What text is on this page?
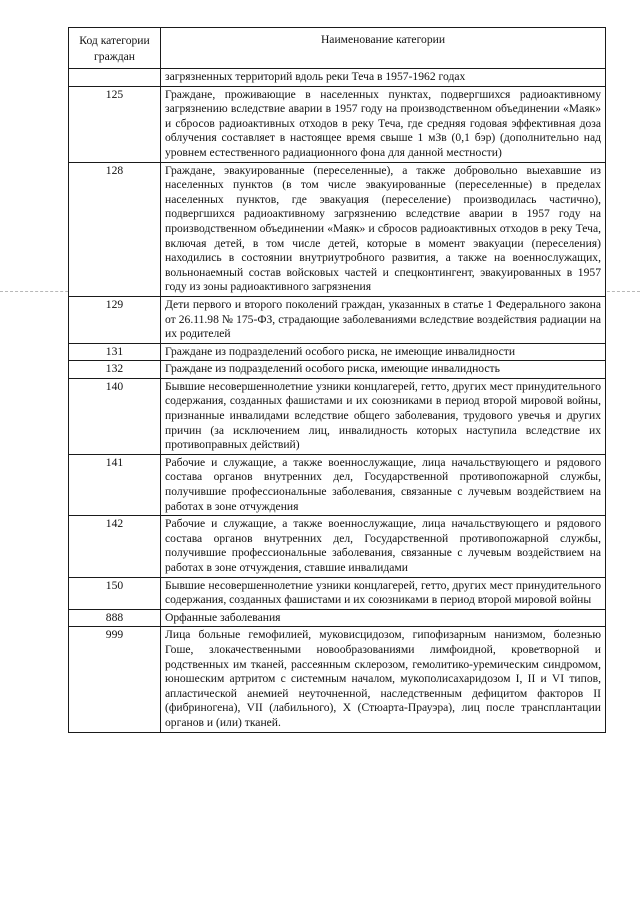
Код категории граждан	Наименование категории
	загрязненных территорий вдоль реки Теча в 1957-1962 годах
125	Граждане, проживающие в населенных пунктах, подвергшихся радиоактивному загрязнению вследствие аварии в 1957 году на производственном объединении «Маяк» и сбросов радиоактивных отходов в реку Теча, где средняя годовая эффективная доза облучения составляет в настоящее время свыше 1 мЗв (0,1 бэр) (дополнительно над уровнем естественного радиационного фона для данной местности)
128	Граждане, эвакуированные (переселенные), а также добровольно выехавшие из населенных пунктов (в том числе эвакуированные (переселенные) в пределах населенных пунктов, где эвакуация (переселение) производилась частично), подвергшихся радиоактивному загрязнению вследствие аварии в 1957 году на производственном объединении «Маяк» и сбросов радиоактивных отходов в реку Теча, включая детей, в том числе детей, которые в момент эвакуации (переселения) находились в состоянии внутриутробного развития, а также на военнослужащих, вольнонаемный состав войсковых частей и спецконтингент, эвакуированных в 1957 году из зоны радиоактивного загрязнения
129	Дети первого и второго поколений граждан, указанных в статье 1 Федерального закона от 26.11.98 № 175-ФЗ, страдающие заболеваниями вследствие воздействия радиации на их родителей
131	Граждане из подразделений особого риска, не имеющие инвалидности
132	Граждане из подразделений особого риска, имеющие инвалидность
140	Бывшие несовершеннолетние узники концлагерей, гетто, других мест принудительного содержания, созданных фашистами и их союзниками в период второй мировой войны, признанные инвалидами вследствие общего заболевания, трудового увечья и других причин (за исключением лиц, инвалидность которых наступила вследствие их противоправных действий)
141	Рабочие и служащие, а также военнослужащие, лица начальствующего и рядового состава органов внутренних дел, Государственной противопожарной службы, получившие профессиональные заболевания, связанные с лучевым воздействием на работах в зоне отчуждения
142	Рабочие и служащие, а также военнослужащие, лица начальствующего и рядового состава органов внутренних дел, Государственной противопожарной службы, получившие профессиональные заболевания, связанные с лучевым воздействием на работах в зоне отчуждения, ставшие инвалидами
150	Бывшие несовершеннолетние узники концлагерей, гетто, других мест принудительного содержания, созданных фашистами и их союзниками в период второй мировой войны
888	Орфанные заболевания
999	Лица больные гемофилией, муковисцидозом, гипофизарным нанизмом, болезнью Гоше, злокачественными новообразованиями лимфоидной, кроветворной и родственных им тканей, рассеянным склерозом, гемолитико-уремическим синдромом, юношеским артритом с системным началом, мукополисахаридозом I, II и VI типов, апластической анемией неуточненной, наследственным дефицитом факторов II (фибриногена), VII (лабильного), X (Стюарта-Прауэра), лиц после трансплантации органов и (или) тканей.
